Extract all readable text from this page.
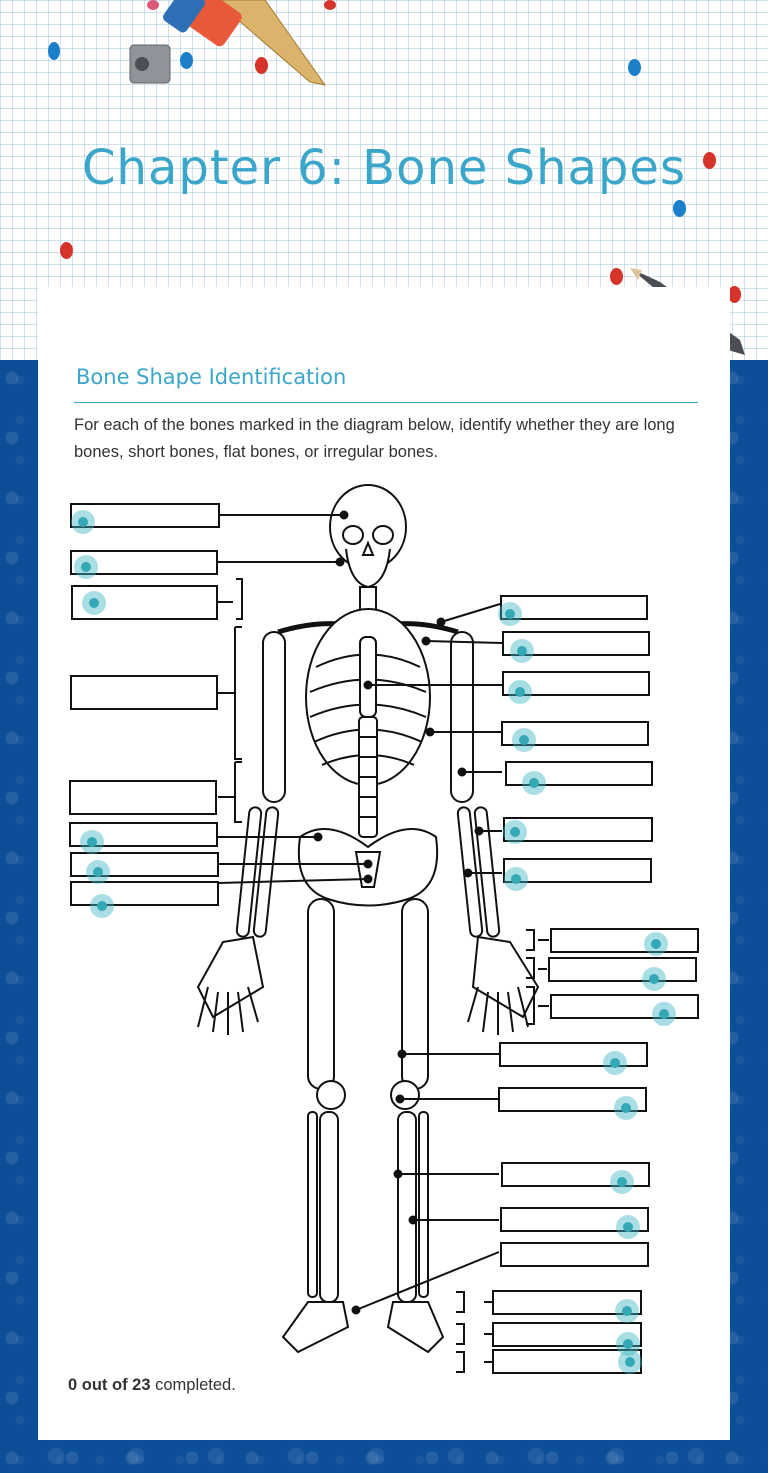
Chapter 6: Bone Shapes
Bone Shape Identification
For each of the bones marked in the diagram below, identify whether they are long bones, short bones, flat bones, or irregular bones.
0 out of 23 completed.
